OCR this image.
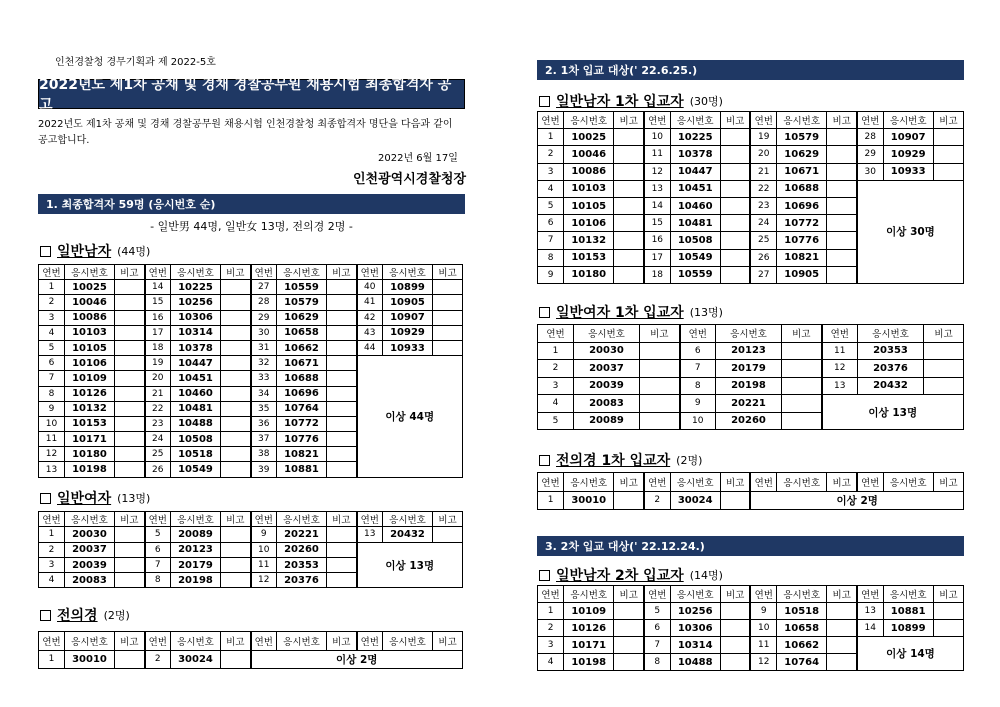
인천경찰청 경무기획과 제 2022-5호
2022년도 제1차 공채 및 경채 경찰공무원 채용시험 최종합격자 공고
2022년도 제1차 공채 및 경채 경찰공무원 채용시험 인천경찰청 최종합격자 명단을 다음과 같이 공고합니다.
2022년 6월 17일
인천광역시경찰청장
1. 최종합격자 59명 (응시번호 순)
- 일반男 44명, 일반女 13명, 전의경 2명 -
일반남자 (44명)
연번	응시번호	비고	연번	응시번호	비고	연번	응시번호	비고	연번	응시번호	비고
1	10025		14	10225		27	10559		40	10899	
2	10046		15	10256		28	10579		41	10905	
3	10086		16	10306		29	10629		42	10907	
4	10103		17	10314		30	10658		43	10929	
5	10105		18	10378		31	10662		44	10933	
6	10106		19	10447		32	10671		이상 44명		
7	10109		20	10451		33	10688				
8	10126		21	10460		34	10696				
9	10132		22	10481		35	10764				
10	10153		23	10488		36	10772				
11	10171		24	10508		37	10776				
12	10180		25	10518		38	10821				
13	10198		26	10549		39	10881				
일반여자 (13명)
연번	응시번호	비고	연번	응시번호	비고	연번	응시번호	비고	연번	응시번호	비고
1	20030		5	20089		9	20221		13	20432	
2	20037		6	20123		10	20260		이상 13명		
3	20039		7	20179		11	20353				
4	20083		8	20198		12	20376				
전의경 (2명)
연번	응시번호	비고	연번	응시번호	비고	연번	응시번호	비고	연번	응시번호	비고
1	30010		2	30024		이상 2명					
2. 1차 입교 대상(' 22.6.25.)
일반남자 1차 입교자 (30명)
연번	응시번호	비고	연번	응시번호	비고	연번	응시번호	비고	연번	응시번호	비고
1	10025		10	10225		19	10579		28	10907	
2	10046		11	10378		20	10629		29	10929	
3	10086		12	10447		21	10671		30	10933	
4	10103		13	10451		22	10688		이상 30명		
5	10105		14	10460		23	10696				
6	10106		15	10481		24	10772				
7	10132		16	10508		25	10776				
8	10153		17	10549		26	10821				
9	10180		18	10559		27	10905				
일반여자 1차 입교자 (13명)
연번	응시번호	비고	연번	응시번호	비고	연번	응시번호	비고
1	20030		6	20123		11	20353	
2	20037		7	20179		12	20376	
3	20039		8	20198		13	20432	
4	20083		9	20221		이상 13명		
5	20089		10	20260				
전의경 1차 입교자 (2명)
연번	응시번호	비고	연번	응시번호	비고	연번	응시번호	비고	연번	응시번호	비고
1	30010		2	30024		이상 2명					
3. 2차 입교 대상(' 22.12.24.)
일반남자 2차 입교자 (14명)
연번	응시번호	비고	연번	응시번호	비고	연번	응시번호	비고	연번	응시번호	비고
1	10109		5	10256		9	10518		13	10881	
2	10126		6	10306		10	10658		14	10899	
3	10171		7	10314		11	10662		이상 14명		
4	10198		8	10488		12	10764				
